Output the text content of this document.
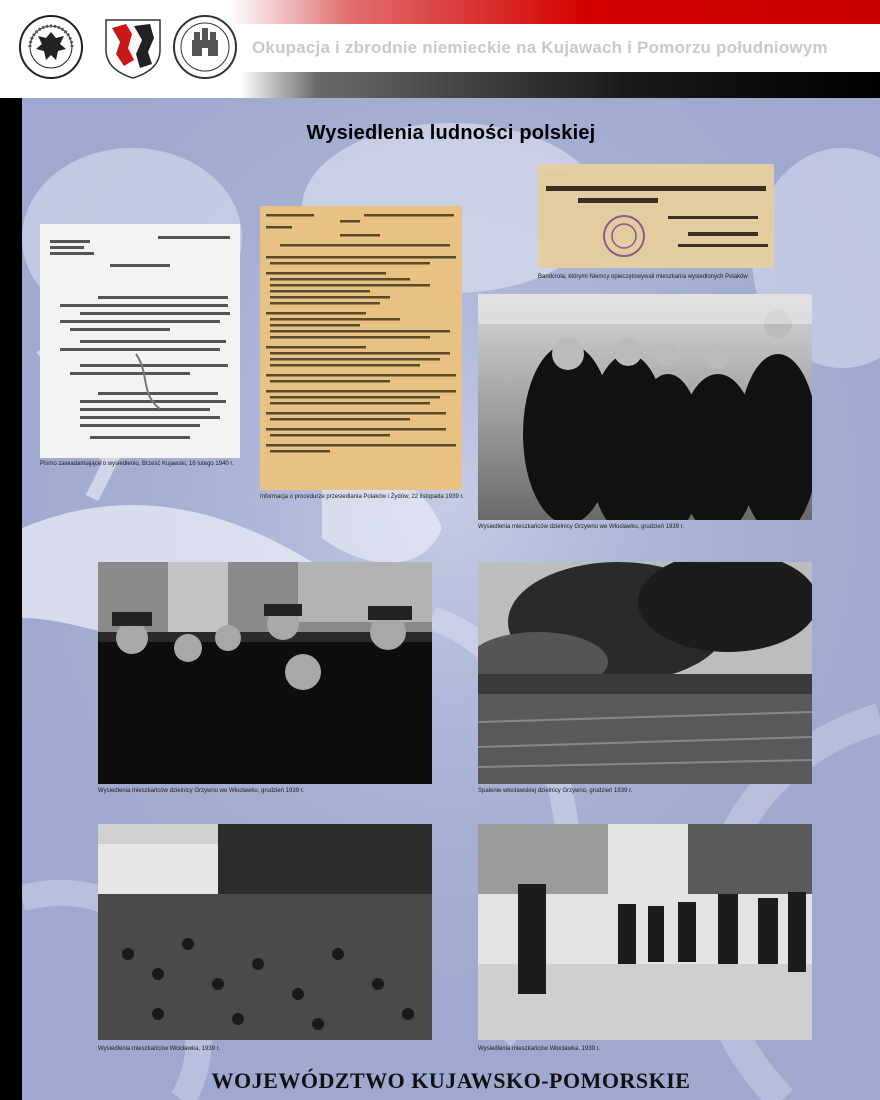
Okupacja i zbrodnie niemieckie na Kujawach i Pomorzu południowym
Wysiedlenia ludności polskiej
Pismo zawiadamiające o wysiedleniu, Brześć Kujawski, 16 lutego 1940 r.
Informacja o procedurze przesiedlania Polaków i Żydów, 22 listopada 1939 r.
Bandcrola, którymi Niemcy opieczętowywali mieszkania wysiedlonych Polaków
Wysiedlenia mieszkańców dzielnicy Grzywno we Włocławku, grudzień 1939 r.
Wysiedlenia mieszkańców dzielnicy Grzywno we Włocławku, grudzień 1939 r.	Spalenie włocławskiej dzielnicy Grzywno, grudzień 1939 r.
Wysiedlenia mieszkańców Włocławka, 1939 r.	Wysiedlenia mieszkańców Włocławka, 1939 r.
WOJEWÓDZTWO KUJAWSKO-POMORSKIE
